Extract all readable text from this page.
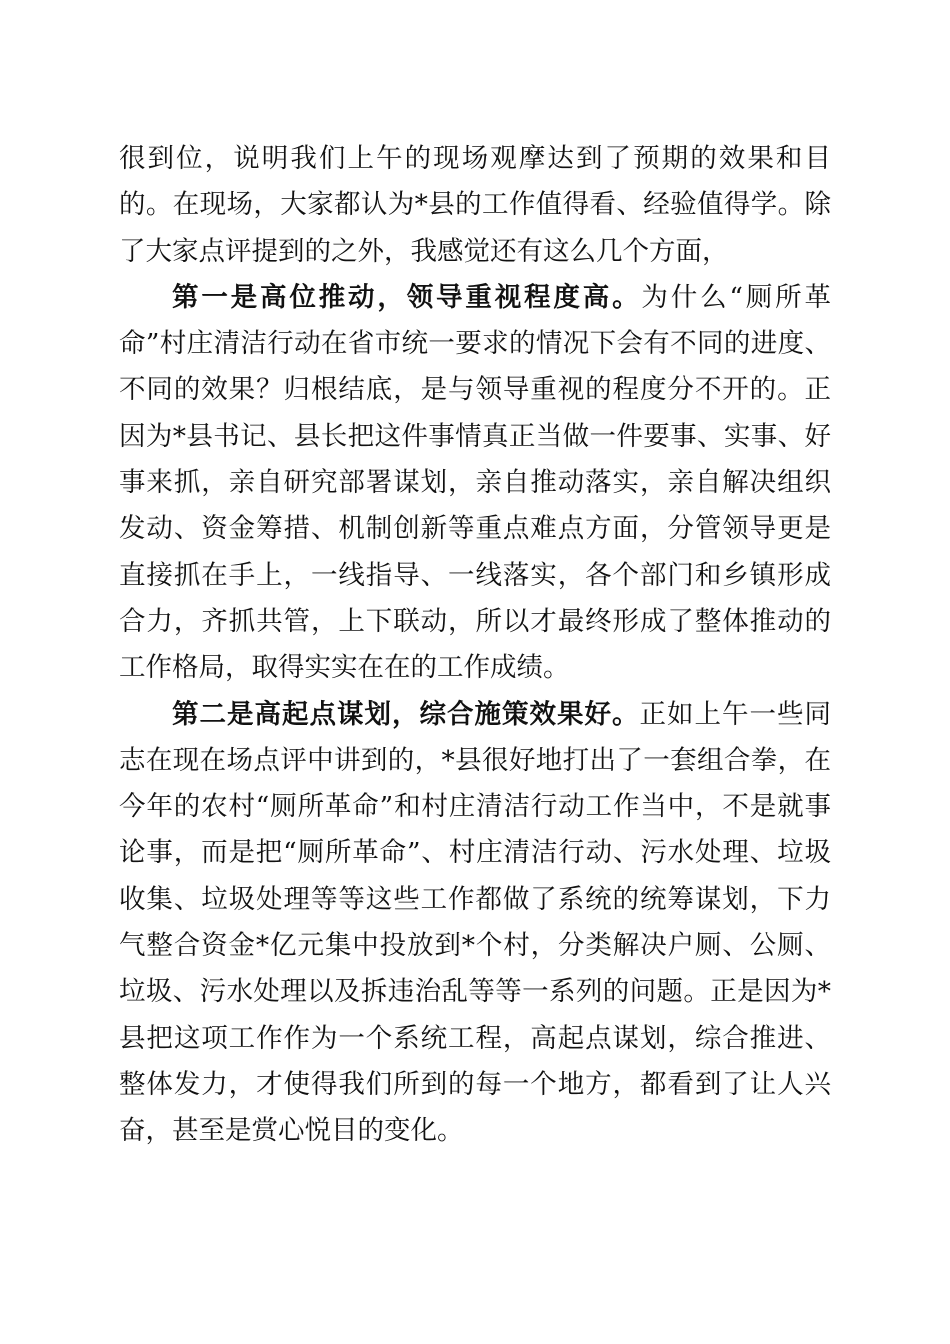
很到位，说明我们上午的现场观摩达到了预期的效果和目的。在现场，大家都认为*县的工作值得看、经验值得学。除了大家点评提到的之外，我感觉还有这么几个方面，

第一是高位推动，领导重视程度高。为什么“厕所革命”村庄清洁行动在省市统一要求的情况下会有不同的进度、不同的效果？归根结底，是与领导重视的程度分不开的。正因为*县书记、县长把这件事情真正当做一件要事、实事、好事来抓，亲自研究部署谋划，亲自推动落实，亲自解决组织发动、资金筹措、机制创新等重点难点方面，分管领导更是直接抓在手上，一线指导、一线落实，各个部门和乡镇形成合力，齐抓共管，上下联动，所以才最终形成了整体推动的工作格局，取得实实在在的工作成绩。

第二是高起点谋划，综合施策效果好。正如上午一些同志在现在场点评中讲到的，*县很好地打出了一套组合拳，在今年的农村“厕所革命”和村庄清洁行动工作当中，不是就事论事，而是把“厕所革命”、村庄清洁行动、污水处理、垃圾收集、垃圾处理等等这些工作都做了系统的统筹谋划，下力气整合资金*亿元集中投放到*个村，分类解决户厕、公厕、垃圾、污水处理以及拆违治乱等等一系列的问题。正是因为*县把这项工作作为一个系统工程，高起点谋划，综合推进、整体发力，才使得我们所到的每一个地方，都看到了让人兴奋，甚至是赏心悦目的变化。
